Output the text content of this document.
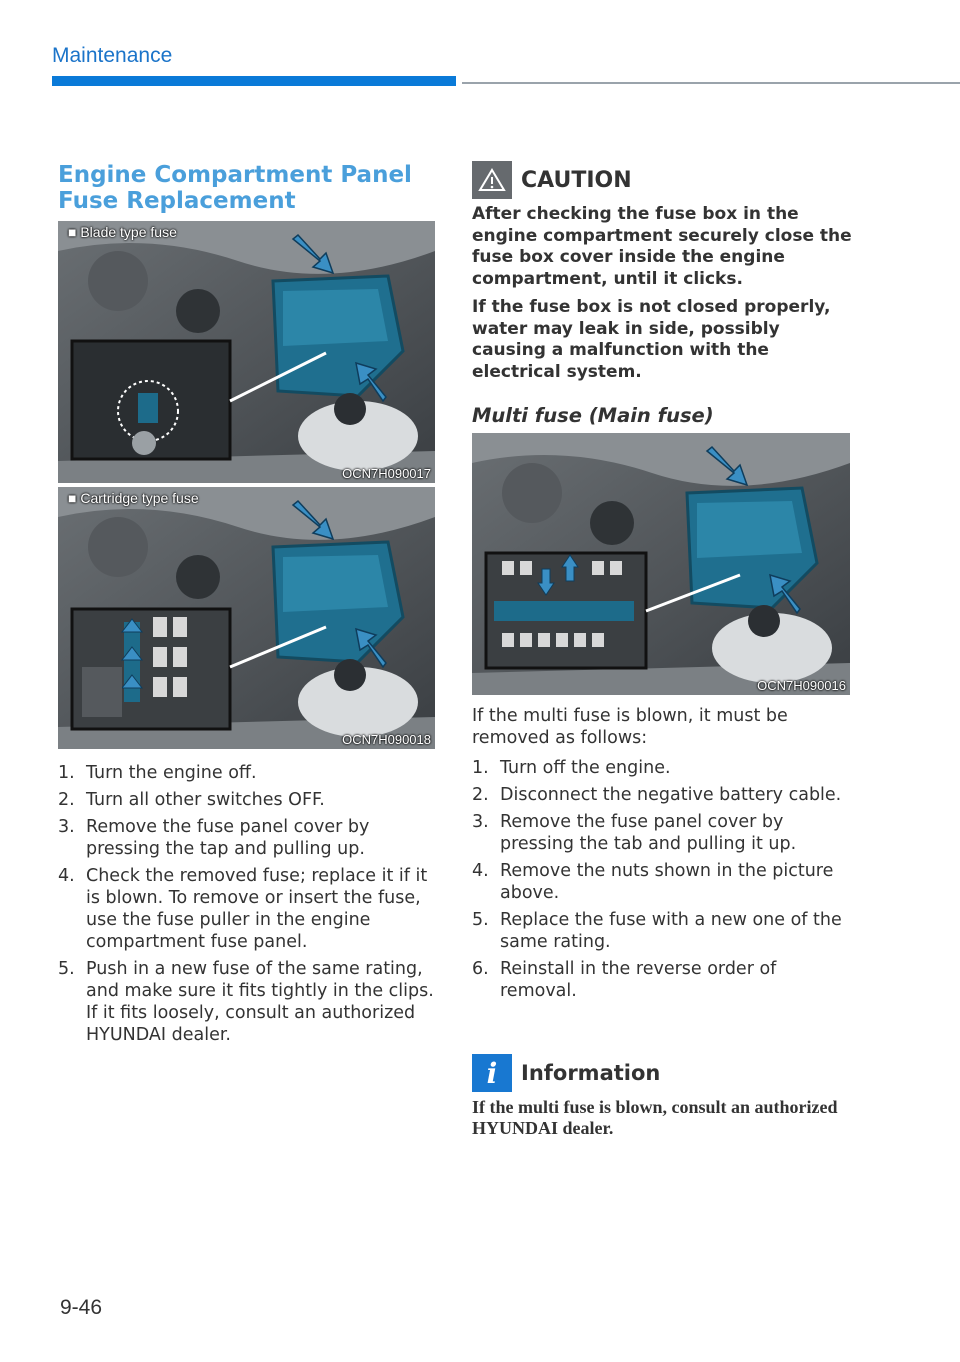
Maintenance
Engine Compartment Panel Fuse Replacement
■ Blade type fuse
OCN7H090017
■ Cartridge type fuse
OCN7H090018
1. Turn the engine off.
2. Turn all other switches OFF.
3. Remove the fuse panel cover by pressing the tap and pulling up.
4. Check the removed fuse; replace it if it is blown. To remove or insert the fuse, use the fuse puller in the engine compartment fuse panel.
5. Push in a new fuse of the same rating, and make sure it fits tightly in the clips. If it fits loosely, consult an authorized HYUNDAI dealer.
CAUTION

After checking the fuse box in the engine compartment securely close the fuse box cover inside the engine compartment, until it clicks.

If the fuse box is not closed properly, water may leak in side, possibly causing a malfunction with the electrical system.

Multi fuse (Main fuse)
OCN7H090016
If the multi fuse is blown, it must be removed as follows:
1. Turn off the engine.
2. Disconnect the negative battery cable.
3. Remove the fuse panel cover by pressing the tab and pulling it up.
4. Remove the nuts shown in the picture above.
5. Replace the fuse with a new one of the same rating.
6. Reinstall in the reverse order of removal.
i	Information
If the multi fuse is blown, consult an authorized HYUNDAI dealer.
9-46
